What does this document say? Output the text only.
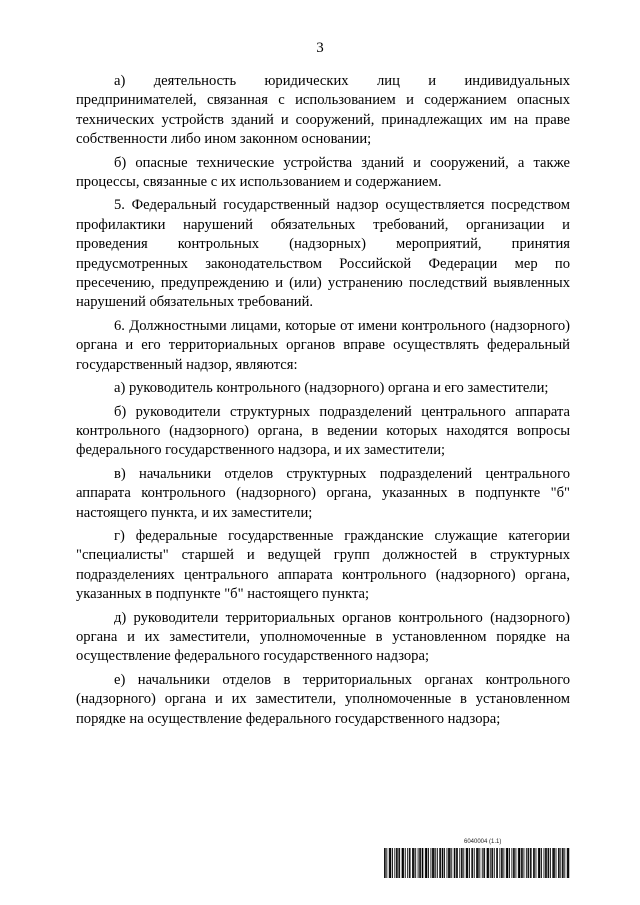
3

а) деятельность юридических лиц и индивидуальных предпринимателей, связанная с использованием и содержанием опасных технических устройств зданий и сооружений, принадлежащих им на праве собственности либо ином законном основании;

б) опасные технические устройства зданий и сооружений, а также процессы, связанные с их использованием и содержанием.

5. Федеральный государственный надзор осуществляется посредством профилактики нарушений обязательных требований, организации и проведения контрольных (надзорных) мероприятий, принятия предусмотренных законодательством Российской Федерации мер по пресечению, предупреждению и (или) устранению последствий выявленных нарушений обязательных требований.

6. Должностными лицами, которые от имени контрольного (надзорного) органа и его территориальных органов вправе осуществлять федеральный государственный надзор, являются:

а) руководитель контрольного (надзорного) органа и его заместители;

б) руководители структурных подразделений центрального аппарата контрольного (надзорного) органа, в ведении которых находятся вопросы федерального государственного надзора, и их заместители;

в) начальники отделов структурных подразделений центрального аппарата контрольного (надзорного) органа, указанных в подпункте "б" настоящего пункта, и их заместители;

г) федеральные государственные гражданские служащие категории "специалисты" старшей и ведущей групп должностей в структурных подразделениях центрального аппарата контрольного (надзорного) органа, указанных в подпункте "б" настоящего пункта;

д) руководители территориальных органов контрольного (надзорного) органа и их заместители, уполномоченные в установленном порядке на осуществление федерального государственного надзора;

е) начальники отделов в территориальных органах контрольного (надзорного) органа и их заместители, уполномоченные в установленном порядке на осуществление федерального государственного надзора;

6040004 (1.1)
